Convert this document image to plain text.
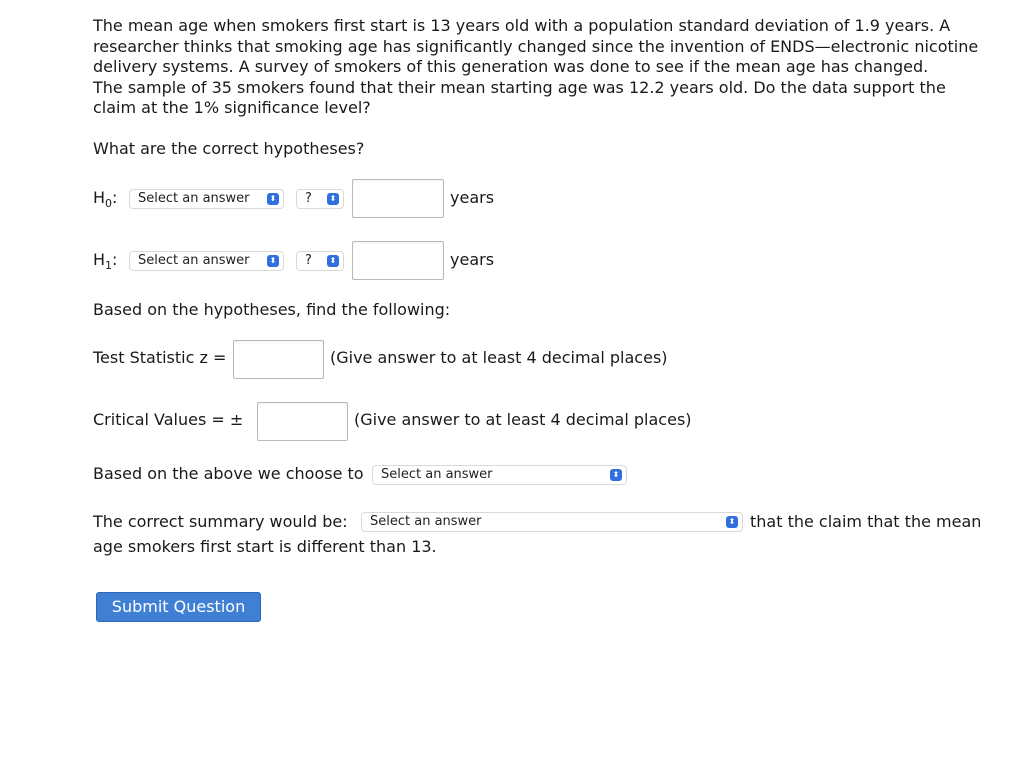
The mean age when smokers first start is 13 years old with a population standard deviation of 1.9 years. A

researcher thinks that smoking age has significantly changed since the invention of ENDS—electronic nicotine

delivery systems. A survey of smokers of this generation was done to see if the mean age has changed.

The sample of 35 smokers found that their mean starting age was 12.2 years old. Do the data support the

claim at the 1% significance level?

What are the correct hypotheses?
$H_0$:	Select an answer	⬍	?	⬍	years
$H_1$:	Select an answer	⬍	?	⬍	years
Based on the hypotheses, find the following:
Test Statistic z =	(Give answer to at least 4 decimal places)
Critical Values = ±	(Give answer to at least 4 decimal places)
Based on the above we choose to	Select an answer	⬍
The correct summary would be:	Select an answer	⬍ that the claim that the mean
age smokers first start is different than 13.
Submit Question
